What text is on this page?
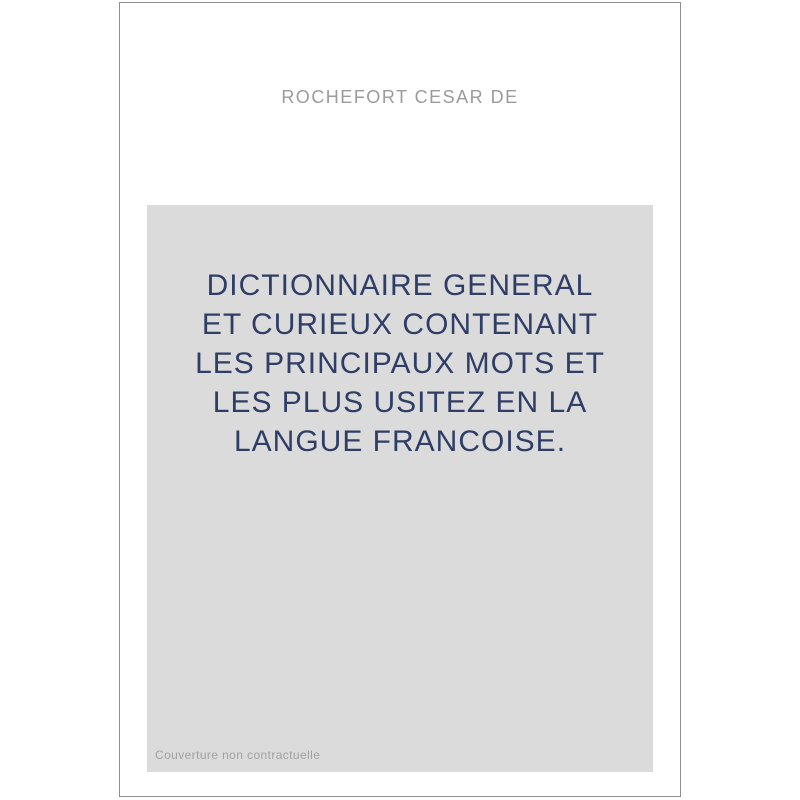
ROCHEFORT CESAR DE
DICTIONNAIRE GENERAL
ET CURIEUX CONTENANT
LES PRINCIPAUX MOTS ET
LES PLUS USITEZ EN LA
LANGUE FRANCOISE.
Couverture non contractuelle
